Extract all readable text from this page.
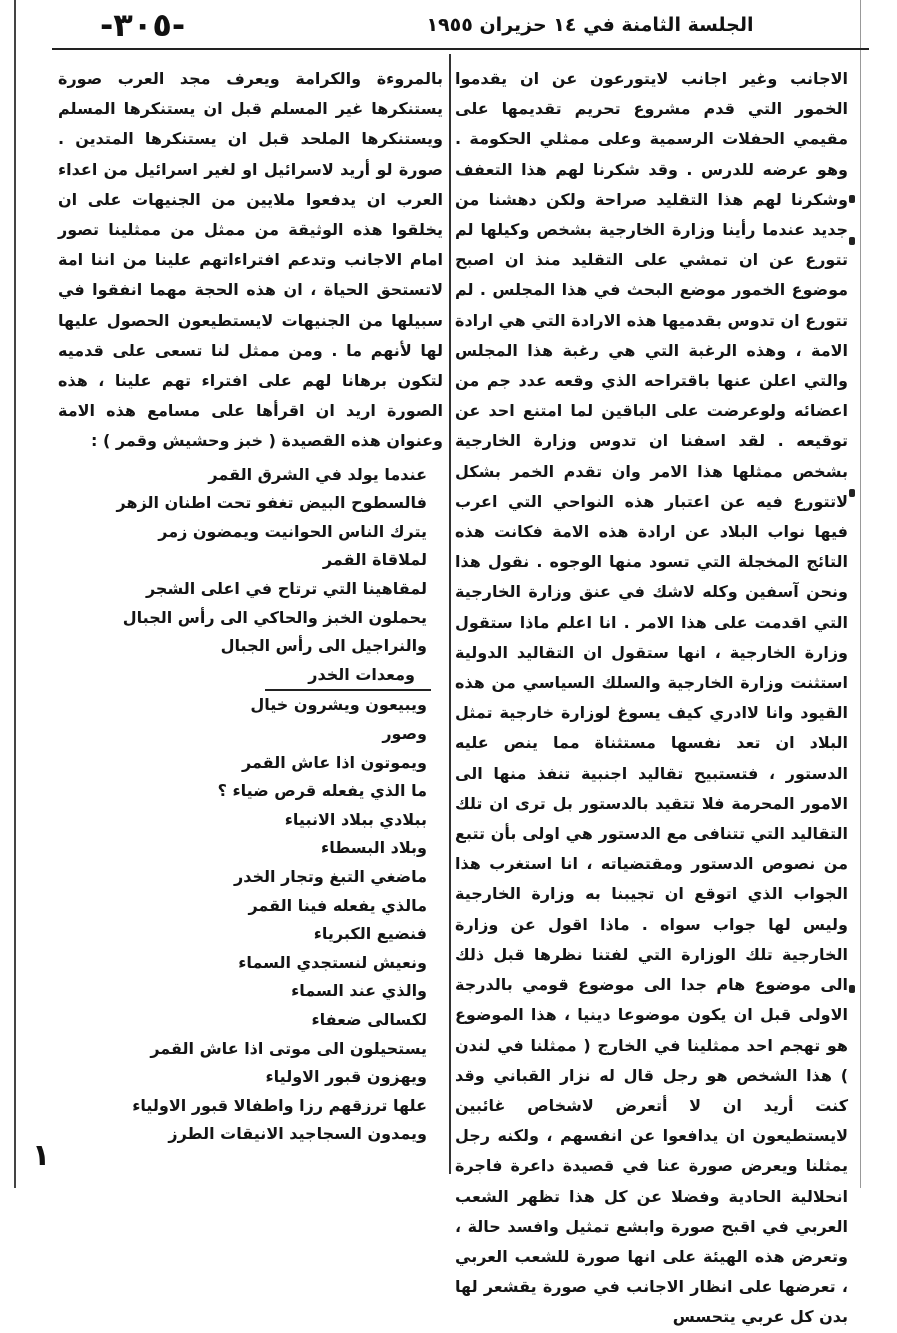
-٣٠٥-	الجلسة الثامنة في ١٤ حزيران ١٩٥٥

الاجانب وغير اجانب لايتورعون عن ان يقدموا الخمور التي قدم مشروع تحريم تقديمها على مقيمي الحفلات الرسمية وعلى ممثلي الحكومة . وهو عرضه للدرس . وقد شكرنا لهم هذا التعفف وشكرنا لهم هذا التقليد صراحة ولكن دهشنا من جديد عندما رأينا وزارة الخارجية بشخص وكيلها لم تتورع عن ان تمشي على التقليد منذ ان اصبح موضوع الخمور موضع البحث في هذا المجلس . لم تتورع ان تدوس بقدميها هذه الارادة التي هي ارادة الامة ، وهذه الرغبة التي هي رغبة هذا المجلس والتي اعلن عنها باقتراحه الذي وقعه عدد جم من اعضائه ولوعرضت على الباقين لما امتنع احد عن توقيعه . لقد اسفنا ان تدوس وزارة الخارجية بشخص ممثلها هذا الامر وان تقدم الخمر بشكل لاتتورع فيه عن اعتبار هذه النواحي التي اعرب فيها نواب البلاد عن ارادة هذه الامة فكانت هذه التائج المخجلة التي تسود منها الوجوه . نقول هذا ونحن آسفين وكله لاشك في عنق وزارة الخارجية التي اقدمت على هذا الامر . انا اعلم ماذا ستقول وزارة الخارجية ، انها ستقول ان التقاليد الدولية استثنت وزارة الخارجية والسلك السياسي من هذه القيود وانا لاادري كيف يسوغ لوزارة خارجية تمثل البلاد ان تعد نفسها مستثناة مما ينص عليه الدستور ، فتستبيح تقاليد اجنبية تنفذ منها الى الامور المحرمة فلا تتقيد بالدستور بل ترى ان تلك التقاليد التي تتنافى مع الدستور هي اولى بأن تتبع من نصوص الدستور ومقتضياته ، انا استغرب هذا الجواب الذي اتوقع ان تجيبنا به وزارة الخارجية وليس لها جواب سواه . ماذا اقول عن وزارة الخارجية تلك الوزارة التي لفتنا نظرها قبل ذلك الى موضوع هام جدا الى موضوع قومي بالدرجة الاولى قبل ان يكون موضوعا دينيا ، هذا الموضوع هو تهجم احد ممثلينا في الخارج ( ممثلنا في لندن ) هذا الشخص هو رجل قال له نزار القباني وقد كنت أريد ان لا أتعرض لاشخاص غائبين لايستطيعون ان يدافعوا عن انفسهم ، ولكنه رجل يمثلنا ويعرض صورة عنا في قصيدة داعرة فاجرة انحلالية الحادية وفضلا عن كل هذا تظهر الشعب العربي في اقبح صورة وابشع تمثيل وافسد حالة ، وتعرض هذه الهيئة على انها صورة للشعب العربي ، تعرضها على انظار الاجانب في صورة يقشعر لها بدن كل عربي يتحسس

بالمروءة والكرامة ويعرف مجد العرب صورة يستنكرها غير المسلم قبل ان يستنكرها المسلم ويستنكرها الملحد قبل ان يستنكرها المتدين . صورة لو أريد لاسرائيل او لغير اسرائيل من اعداء العرب ان يدفعوا ملايين من الجنيهات على ان يخلقوا هذه الوثيقة من ممثل من ممثلينا تصور امام الاجانب وتدعم افتراءاتهم علينا من اننا امة لاتستحق الحياة ، ان هذه الحجة مهما انفقوا في سبيلها من الجنيهات لايستطيعون الحصول عليها لها لأنهم ما . ومن ممثل لنا تسعى على قدميه لتكون برهانا لهم على افتراء تهم علينا ، هذه الصورة اريد ان اقرأها على مسامع هذه الامة وعنوان هذه القصيدة ( خبز وحشيش وقمر ) :

عندما يولد في الشرق القمر
فالسطوح البيض تغفو تحت اطنان الزهر
يترك الناس الحوانيت ويمضون زمر
لملاقاة القمر
لمقاهينا التي ترتاح في اعلى الشجر
يحملون الخبز والحاكي الى رأس الجبال
والنراجيل الى رأس الجبال
ومعدات الخدر
ويبيعون ويشرون خيال
وصور
ويموتون اذا عاش القمر
ما الذي يفعله قرص ضياء ؟
ببلادي ببلاد الانبياء
وبلاد البسطاء
ماضغي التبغ وتجار الخدر
مالذي يفعله فينا القمر
فنضيع الكبرياء
ونعيش لنستجدي السماء
والذي عند السماء
لكسالى ضعفاء
يستحيلون الى موتى اذا عاش القمر
ويهزون قبور الاولياء
علها ترزقهم رزا واطفالا قبور الاولياء
ويمدون السجاجيد الانيقات الطرز
١
